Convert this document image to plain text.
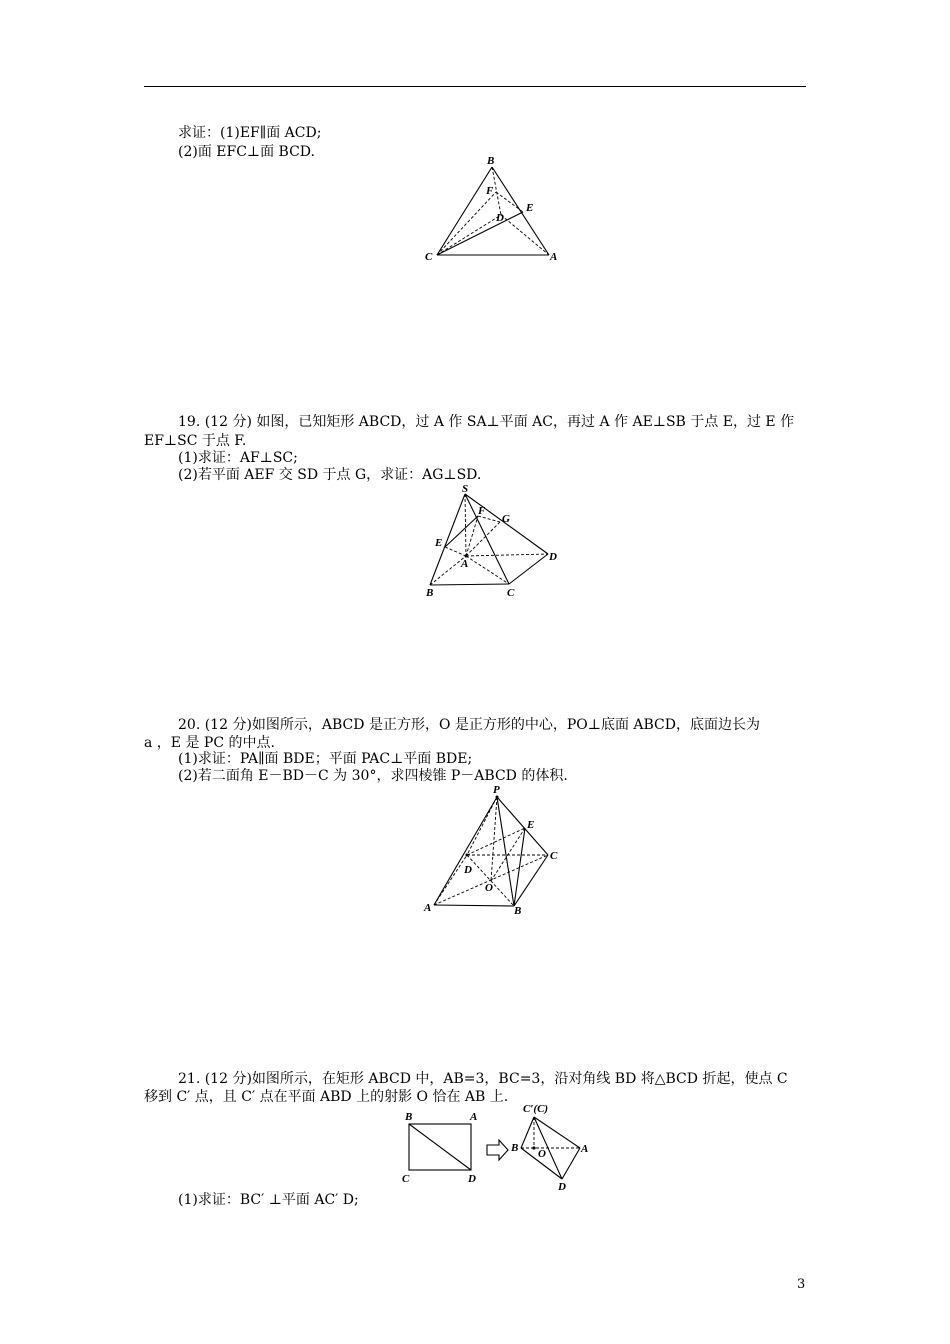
求证：(1)EF∥面 ACD;
(2)面 EFC⊥面 BCD.
B
F
E
D
C	A
19. (12 分) 如图，已知矩形 ABCD，过 A 作 SA⊥平面 AC，再过 A 作 AE⊥SB 于点 E，过 E 作
EF⊥SC 于点 F.
(1)求证：AF⊥SC;
(2)若平面 AEF 交 SD 于点 G，求证：AG⊥SD.
S
F
G
E
A
D
B	C
20. (12 分)如图所示，ABCD 是正方形，O 是正方形的中心，PO⊥底面 ABCD，底面边长为
a ，E 是 PC 的中点.
(1)求证：PA∥面 BDE；平面 PAC⊥平面 BDE;
(2)若二面角 E－BD－C 为 30°，求四棱锥 P－ABCD 的体积.
P
E
C
D
O
A	B
21. (12 分)如图所示，在矩形 ABCD 中，AB=3，BC=3，沿对角线 BD 将△BCD 折起，使点 C
移到 C′ 点，且 C′ 点在平面 ABD 上的射影 O 恰在 AB 上.
B	A
C	D
C′(C)
B O	A
D
(1)求证：BC′ ⊥平面 AC′ D;
3
